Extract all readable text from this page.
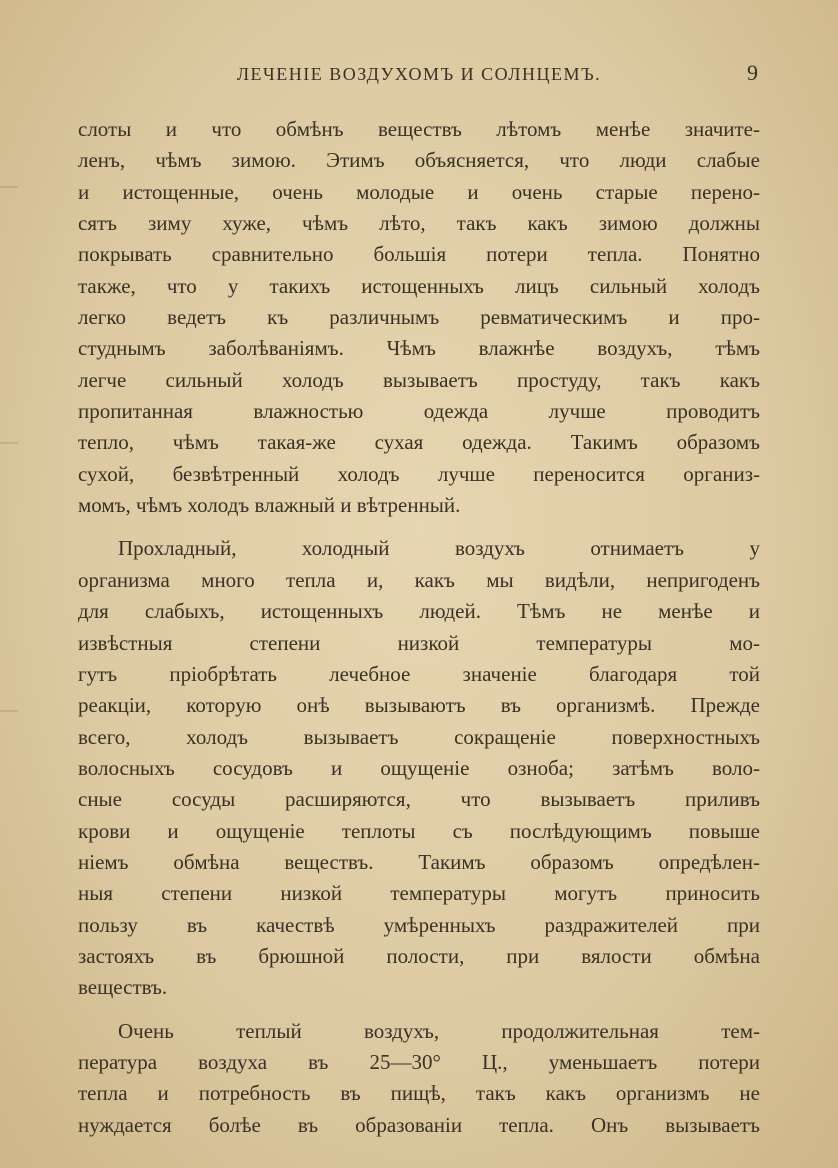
ЛЕЧЕНІЕ ВОЗДУХОМЪ И СОЛНЦЕМЪ.	9
слоты и что обмѣнъ веществъ лѣтомъ менѣе значите-
ленъ, чѣмъ зимою. Этимъ объясняется, что люди слабые
и истощенные, очень молодые и очень старые перено-
сятъ зиму хуже, чѣмъ лѣто, такъ какъ зимою должны
покрывать сравнительно большія потери тепла. Понятно
также, что у такихъ истощенныхъ лицъ сильный холодъ
легко ведетъ къ различнымъ ревматическимъ и про-
студнымъ заболѣваніямъ. Чѣмъ влажнѣе воздухъ, тѣмъ
легче сильный холодъ вызываетъ простуду, такъ какъ
пропитанная влажностью одежда лучше проводитъ
тепло, чѣмъ такая-же сухая одежда. Такимъ образомъ
сухой, безвѣтренный холодъ лучше переносится организ-
момъ, чѣмъ холодъ влажный и вѣтренный.
Прохладный, холодный воздухъ отнимаетъ у
организма много тепла и, какъ мы видѣли, непригоденъ
для слабыхъ, истощенныхъ людей. Тѣмъ не менѣе и
извѣстныя степени низкой температуры мо-
гутъ пріобрѣтать лечебное значеніе благодаря той
реакціи, которую онѣ вызываютъ въ организмѣ. Прежде
всего, холодъ вызываетъ сокращеніе поверхностныхъ
волосныхъ сосудовъ и ощущеніе озноба; затѣмъ воло-
сные сосуды расширяются, что вызываетъ приливъ
крови и ощущеніе теплоты съ послѣдующимъ повыше
ніемъ обмѣна веществъ. Такимъ образомъ опредѣлен-
ныя степени низкой температуры могутъ приносить
пользу въ качествѣ умѣренныхъ раздражителей при
застояхъ въ брюшной полости, при вялости обмѣна
веществъ.
Очень теплый воздухъ, продолжительная тем-
пература воздуха въ 25—30° Ц., уменьшаетъ потери
тепла и потребность въ пищѣ, такъ какъ организмъ не
нуждается болѣе въ образованіи тепла. Онъ вызываетъ
